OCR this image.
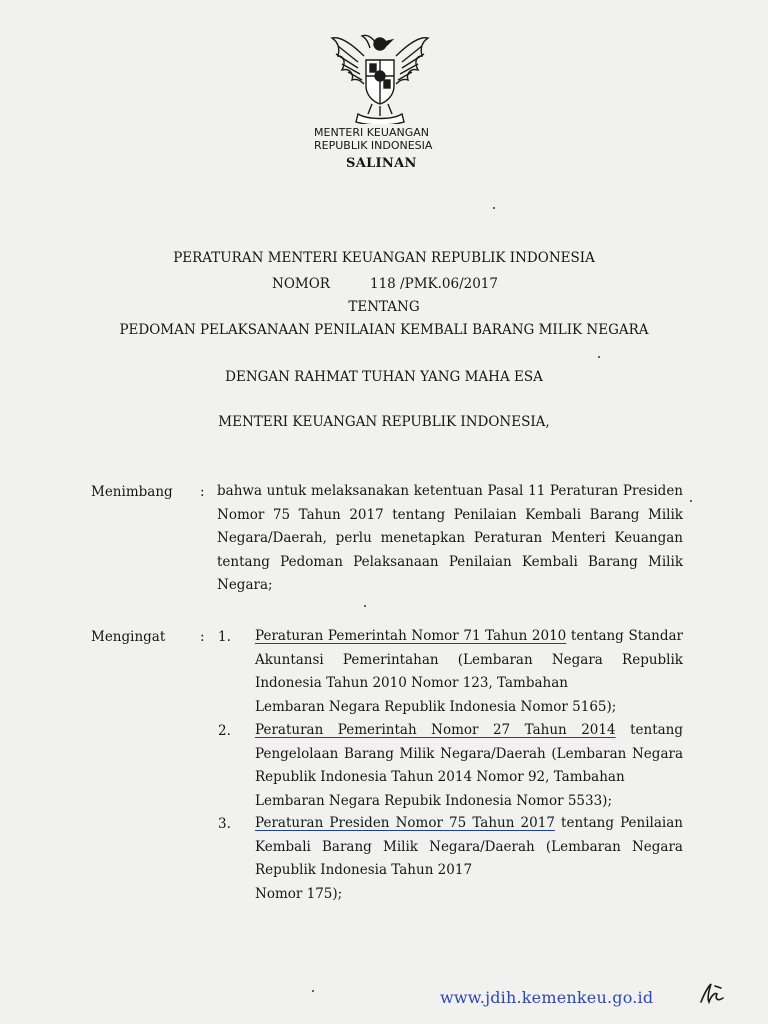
MENTERI KEUANGAN
REPUBLIK INDONESIA
SALINAN
PERATURAN MENTERI KEUANGAN REPUBLIK INDONESIA
NOMOR	118 /PMK.06/2017
TENTANG
PEDOMAN PELAKSANAAN PENILAIAN KEMBALI BARANG MILIK NEGARA
DENGAN RAHMAT TUHAN YANG MAHA ESA
MENTERI KEUANGAN REPUBLIK INDONESIA,
Menimbang : bahwa untuk melaksanakan ketentuan Pasal 11 Peraturan Presiden Nomor 75 Tahun 2017 tentang Penilaian Kembali Barang Milik Negara/Daerah, perlu menetapkan Peraturan Menteri Keuangan tentang Pedoman Pelaksanaan Penilaian Kembali Barang Milik Negara;
Mengingat	: 1. Peraturan Pemerintah Nomor 71 Tahun 2010 tentang Standar Akuntansi Pemerintahan (Lembaran Negara Republik Indonesia Tahun 2010 Nomor 123, Tambahan
Lembaran Negara Republik Indonesia Nomor 5165);
2. Peraturan Pemerintah Nomor 27 Tahun 2014 tentang Pengelolaan Barang Milik Negara/Daerah (Lembaran Negara Republik Indonesia Tahun 2014 Nomor 92, Tambahan
Lembaran Negara Repubik Indonesia Nomor 5533);
3. Peraturan Presiden Nomor 75 Tahun 2017 tentang Penilaian Kembali Barang Milik Negara/Daerah (Lembaran Negara Republik Indonesia Tahun 2017
Nomor 175);
www.jdih.kemenkeu.go.id
